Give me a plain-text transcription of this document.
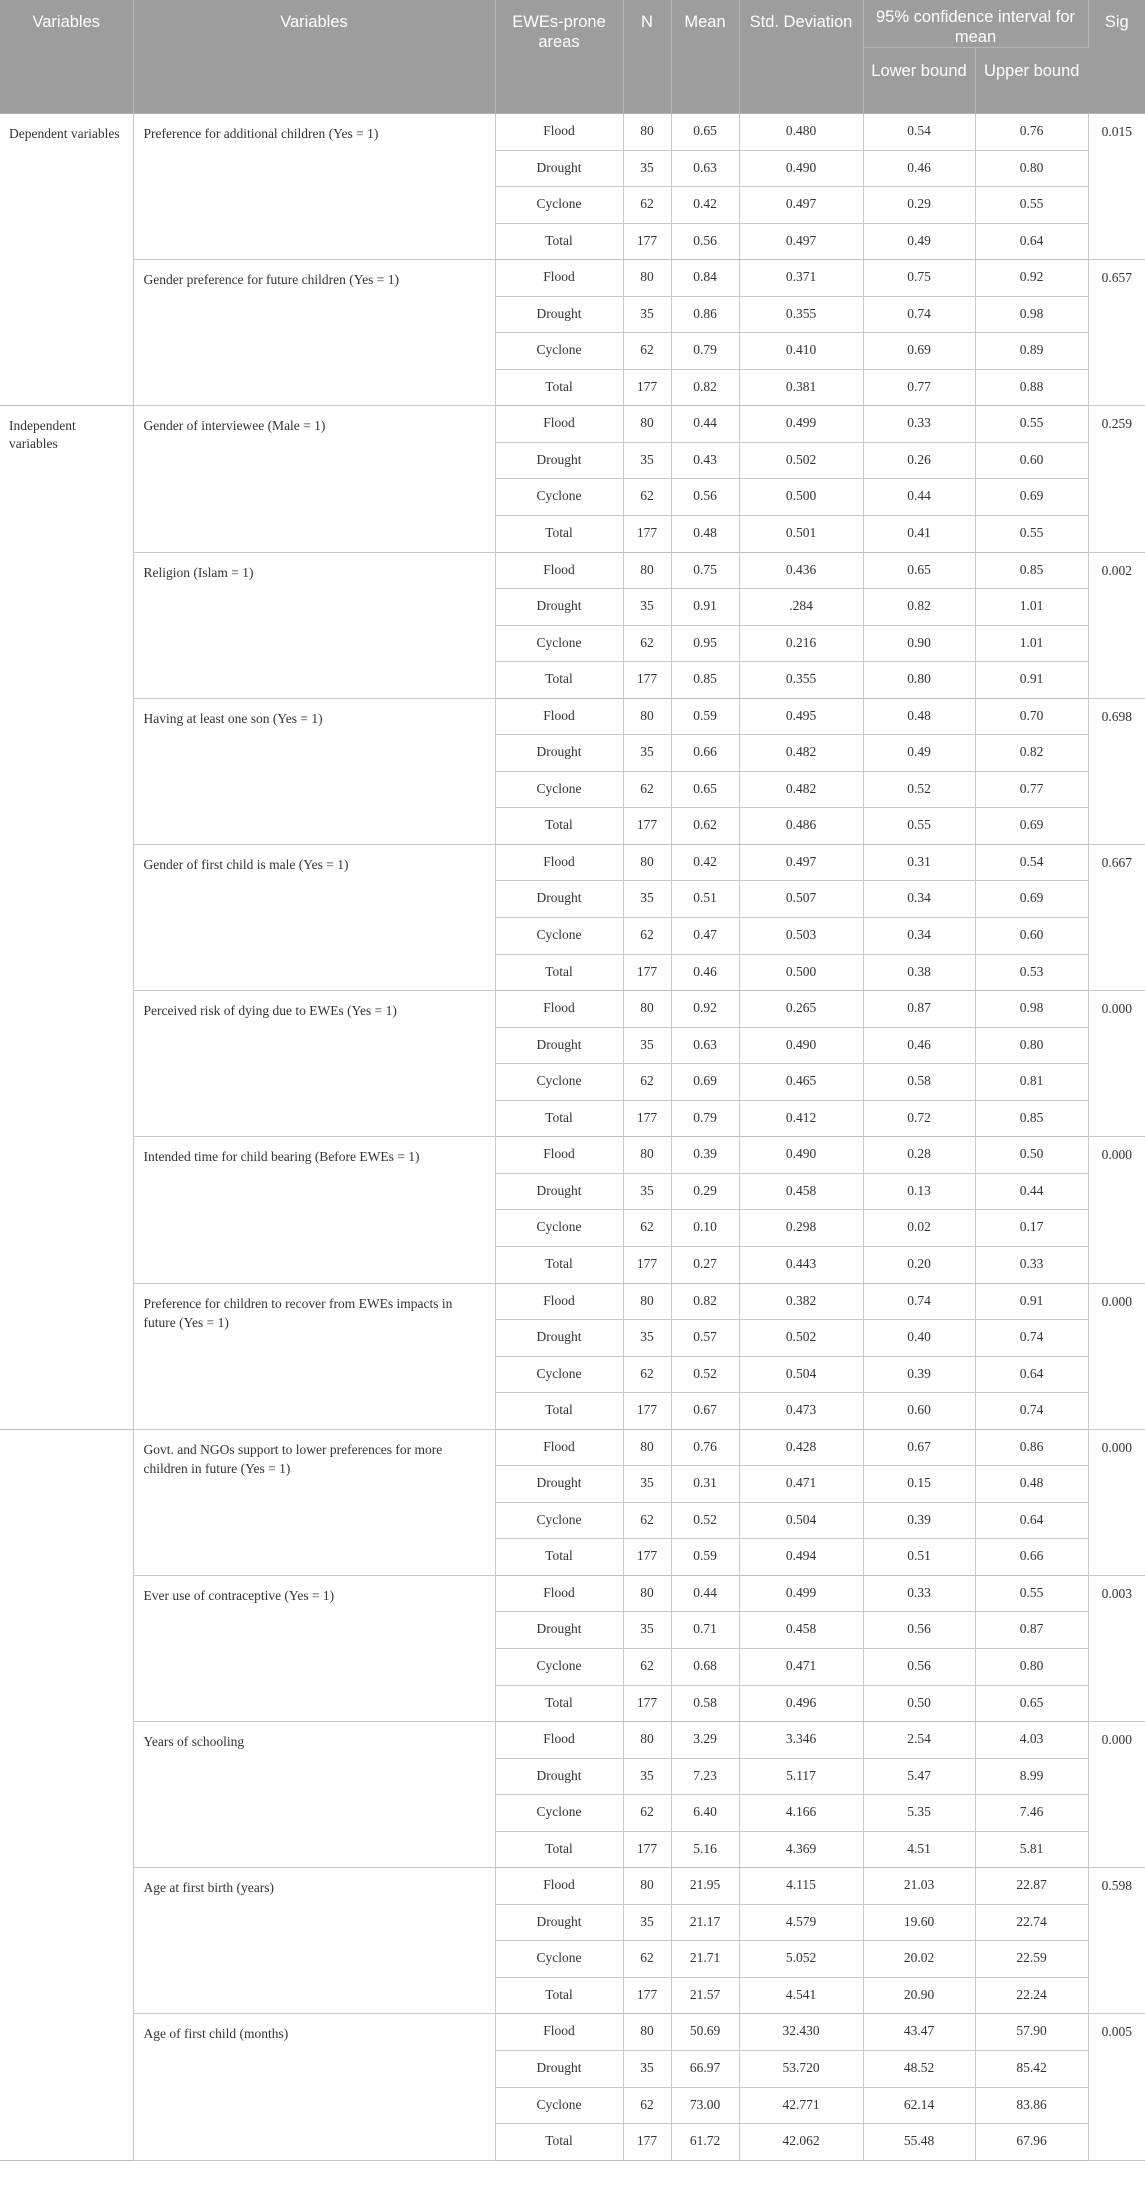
Variables	Variables	EWEs-prone areas	N	Mean	Std. Deviation	95% confidence interval for mean		Sig
						Lower bound	Upper bound	
Dependent variables	Preference for additional children (Yes = 1)	Flood	80	0.65	0.480	0.54	0.76	0.015
		Drought	35	0.63	0.490	0.46	0.80	
		Cyclone	62	0.42	0.497	0.29	0.55	
		Total	177	0.56	0.497	0.49	0.64	
	Gender preference for future children (Yes = 1)	Flood	80	0.84	0.371	0.75	0.92	0.657
		Drought	35	0.86	0.355	0.74	0.98	
		Cyclone	62	0.79	0.410	0.69	0.89	
		Total	177	0.82	0.381	0.77	0.88	
Independent variables	Gender of interviewee (Male = 1)	Flood	80	0.44	0.499	0.33	0.55	0.259
		Drought	35	0.43	0.502	0.26	0.60	
		Cyclone	62	0.56	0.500	0.44	0.69	
		Total	177	0.48	0.501	0.41	0.55	
	Religion (Islam = 1)	Flood	80	0.75	0.436	0.65	0.85	0.002
		Drought	35	0.91	.284	0.82	1.01	
		Cyclone	62	0.95	0.216	0.90	1.01	
		Total	177	0.85	0.355	0.80	0.91	
	Having at least one son (Yes = 1)	Flood	80	0.59	0.495	0.48	0.70	0.698
		Drought	35	0.66	0.482	0.49	0.82	
		Cyclone	62	0.65	0.482	0.52	0.77	
		Total	177	0.62	0.486	0.55	0.69	
	Gender of first child is male (Yes = 1)	Flood	80	0.42	0.497	0.31	0.54	0.667
		Drought	35	0.51	0.507	0.34	0.69	
		Cyclone	62	0.47	0.503	0.34	0.60	
		Total	177	0.46	0.500	0.38	0.53	
	Perceived risk of dying due to EWEs (Yes = 1)	Flood	80	0.92	0.265	0.87	0.98	0.000
		Drought	35	0.63	0.490	0.46	0.80	
		Cyclone	62	0.69	0.465	0.58	0.81	
		Total	177	0.79	0.412	0.72	0.85	
	Intended time for child bearing (Before EWEs = 1)	Flood	80	0.39	0.490	0.28	0.50	0.000
		Drought	35	0.29	0.458	0.13	0.44	
		Cyclone	62	0.10	0.298	0.02	0.17	
		Total	177	0.27	0.443	0.20	0.33	
	Preference for children to recover from EWEs impacts in future (Yes = 1)	Flood	80	0.82	0.382	0.74	0.91	0.000
		Drought	35	0.57	0.502	0.40	0.74	
		Cyclone	62	0.52	0.504	0.39	0.64	
		Total	177	0.67	0.473	0.60	0.74	
	Govt. and NGOs support to lower preferences for more children in future (Yes = 1)	Flood	80	0.76	0.428	0.67	0.86	0.000
		Drought	35	0.31	0.471	0.15	0.48	
		Cyclone	62	0.52	0.504	0.39	0.64	
		Total	177	0.59	0.494	0.51	0.66	
	Ever use of contraceptive (Yes = 1)	Flood	80	0.44	0.499	0.33	0.55	0.003
		Drought	35	0.71	0.458	0.56	0.87	
		Cyclone	62	0.68	0.471	0.56	0.80	
		Total	177	0.58	0.496	0.50	0.65	
	Years of schooling	Flood	80	3.29	3.346	2.54	4.03	0.000
		Drought	35	7.23	5.117	5.47	8.99	
		Cyclone	62	6.40	4.166	5.35	7.46	
		Total	177	5.16	4.369	4.51	5.81	
	Age at first birth (years)	Flood	80	21.95	4.115	21.03	22.87	0.598
		Drought	35	21.17	4.579	19.60	22.74	
		Cyclone	62	21.71	5.052	20.02	22.59	
		Total	177	21.57	4.541	20.90	22.24	
	Age of first child (months)	Flood	80	50.69	32.430	43.47	57.90	0.005
		Drought	35	66.97	53.720	48.52	85.42	
		Cyclone	62	73.00	42.771	62.14	83.86	
		Total	177	61.72	42.062	55.48	67.96	
